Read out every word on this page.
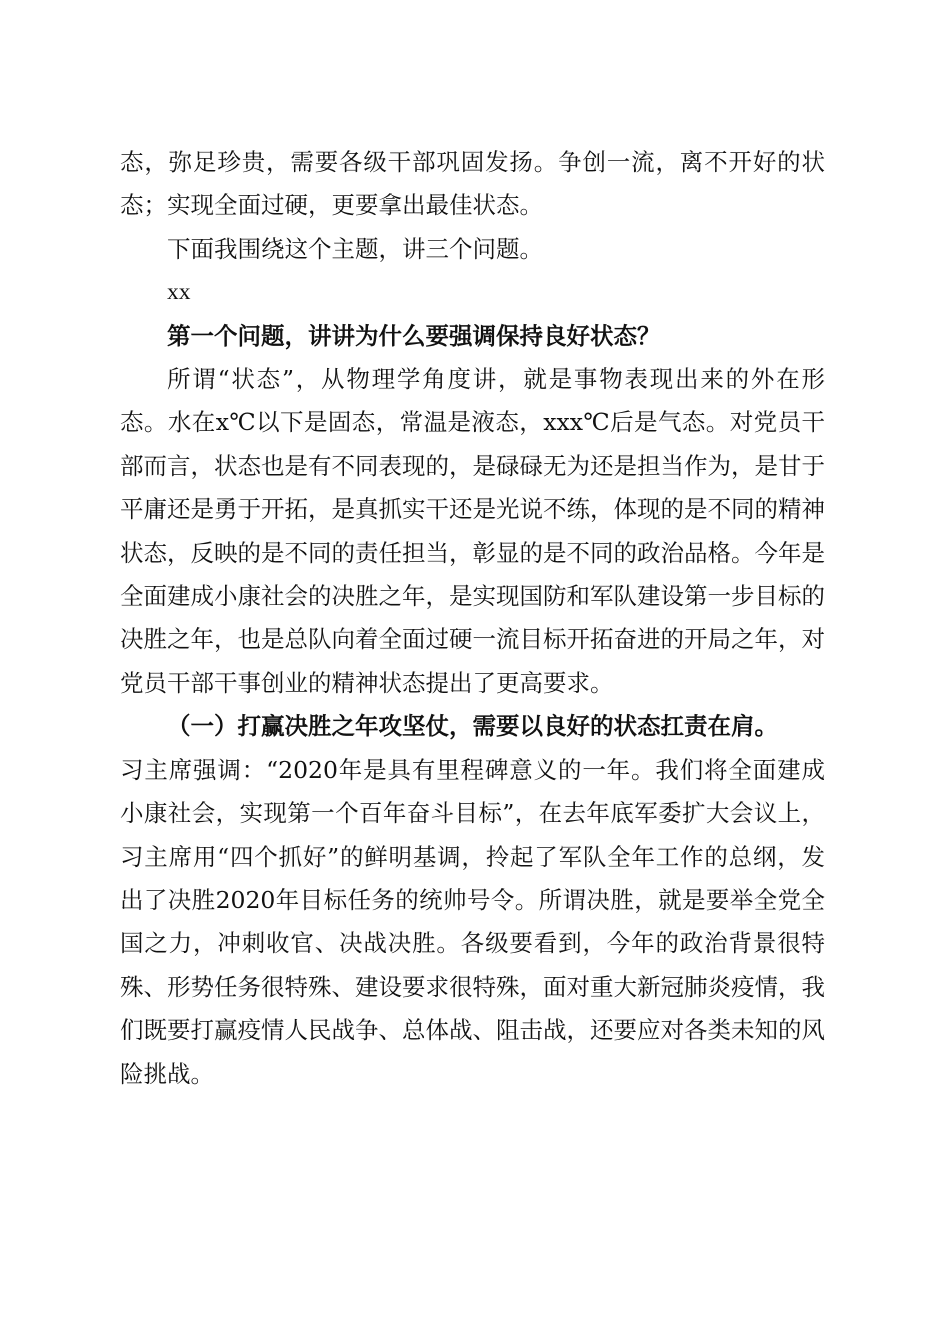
态，弥足珍贵，需要各级干部巩固发扬。争创一流，离不开好的状态；实现全面过硬，更要拿出最佳状态。

下面我围绕这个主题，讲三个问题。

xx

第一个问题，讲讲为什么要强调保持良好状态？

所谓“状态”，从物理学角度讲，就是事物表现出来的外在形态。水在x℃以下是固态，常温是液态，xxx℃后是气态。对党员干部而言，状态也是有不同表现的，是碌碌无为还是担当作为，是甘于平庸还是勇于开拓，是真抓实干还是光说不练，体现的是不同的精神状态，反映的是不同的责任担当，彰显的是不同的政治品格。今年是全面建成小康社会的决胜之年，是实现国防和军队建设第一步目标的决胜之年，也是总队向着全面过硬一流目标开拓奋进的开局之年，对党员干部干事创业的精神状态提出了更高要求。

（一）打赢决胜之年攻坚仗，需要以良好的状态扛责在肩。

习主席强调：“2020年是具有里程碑意义的一年。我们将全面建成小康社会，实现第一个百年奋斗目标”，在去年底军委扩大会议上，习主席用“四个抓好”的鲜明基调，拎起了军队全年工作的总纲，发出了决胜2020年目标任务的统帅号令。所谓决胜，就是要举全党全国之力，冲刺收官、决战决胜。各级要看到，今年的政治背景很特殊、形势任务很特殊、建设要求很特殊，面对重大新冠肺炎疫情，我们既要打赢疫情人民战争、总体战、阻击战，还要应对各类未知的风险挑战。
